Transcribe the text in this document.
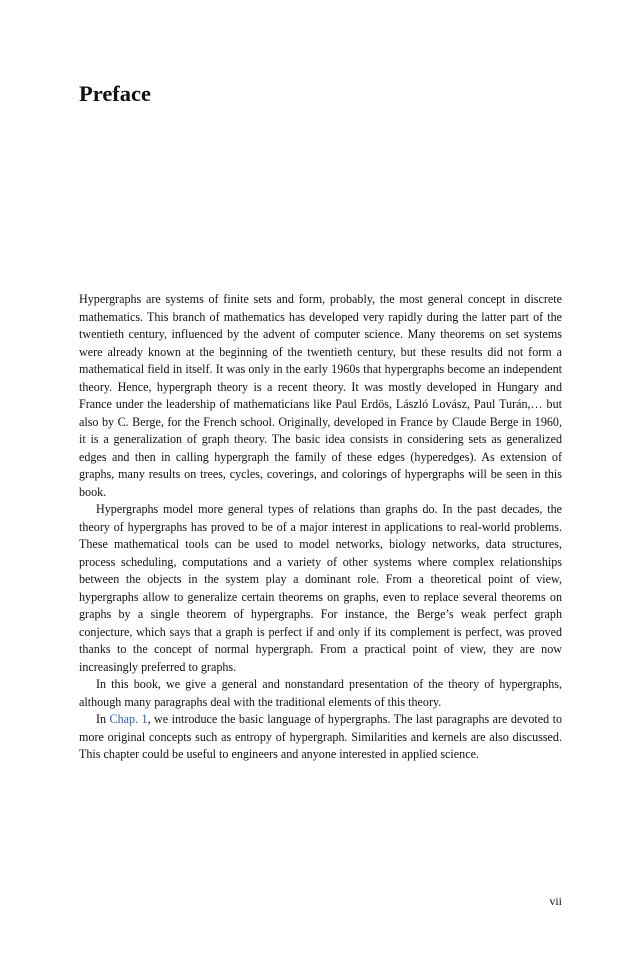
Preface

Hypergraphs are systems of finite sets and form, probably, the most general concept in discrete mathematics. This branch of mathematics has developed very rapidly during the latter part of the twentieth century, influenced by the advent of computer science. Many theorems on set systems were already known at the beginning of the twentieth century, but these results did not form a mathematical field in itself. It was only in the early 1960s that hypergraphs become an independent theory. Hence, hypergraph theory is a recent theory. It was mostly developed in Hungary and France under the leadership of mathematicians like Paul Erdös, László Lovász, Paul Turán,… but also by C. Berge, for the French school. Originally, developed in France by Claude Berge in 1960, it is a generalization of graph theory. The basic idea consists in considering sets as generalized edges and then in calling hypergraph the family of these edges (hyperedges). As extension of graphs, many results on trees, cycles, coverings, and colorings of hypergraphs will be seen in this book.

Hypergraphs model more general types of relations than graphs do. In the past decades, the theory of hypergraphs has proved to be of a major interest in applications to real-world problems. These mathematical tools can be used to model networks, biology networks, data structures, process scheduling, computations and a variety of other systems where complex relationships between the objects in the system play a dominant role. From a theoretical point of view, hypergraphs allow to generalize certain theorems on graphs, even to replace several theorems on graphs by a single theorem of hypergraphs. For instance, the Berge’s weak perfect graph conjecture, which says that a graph is perfect if and only if its complement is perfect, was proved thanks to the concept of normal hypergraph. From a practical point of view, they are now increasingly preferred to graphs.

In this book, we give a general and nonstandard presentation of the theory of hypergraphs, although many paragraphs deal with the traditional elements of this theory.

In Chap. 1, we introduce the basic language of hypergraphs. The last paragraphs are devoted to more original concepts such as entropy of hypergraph. Similarities and kernels are also discussed. This chapter could be useful to engineers and anyone interested in applied science.

vii
